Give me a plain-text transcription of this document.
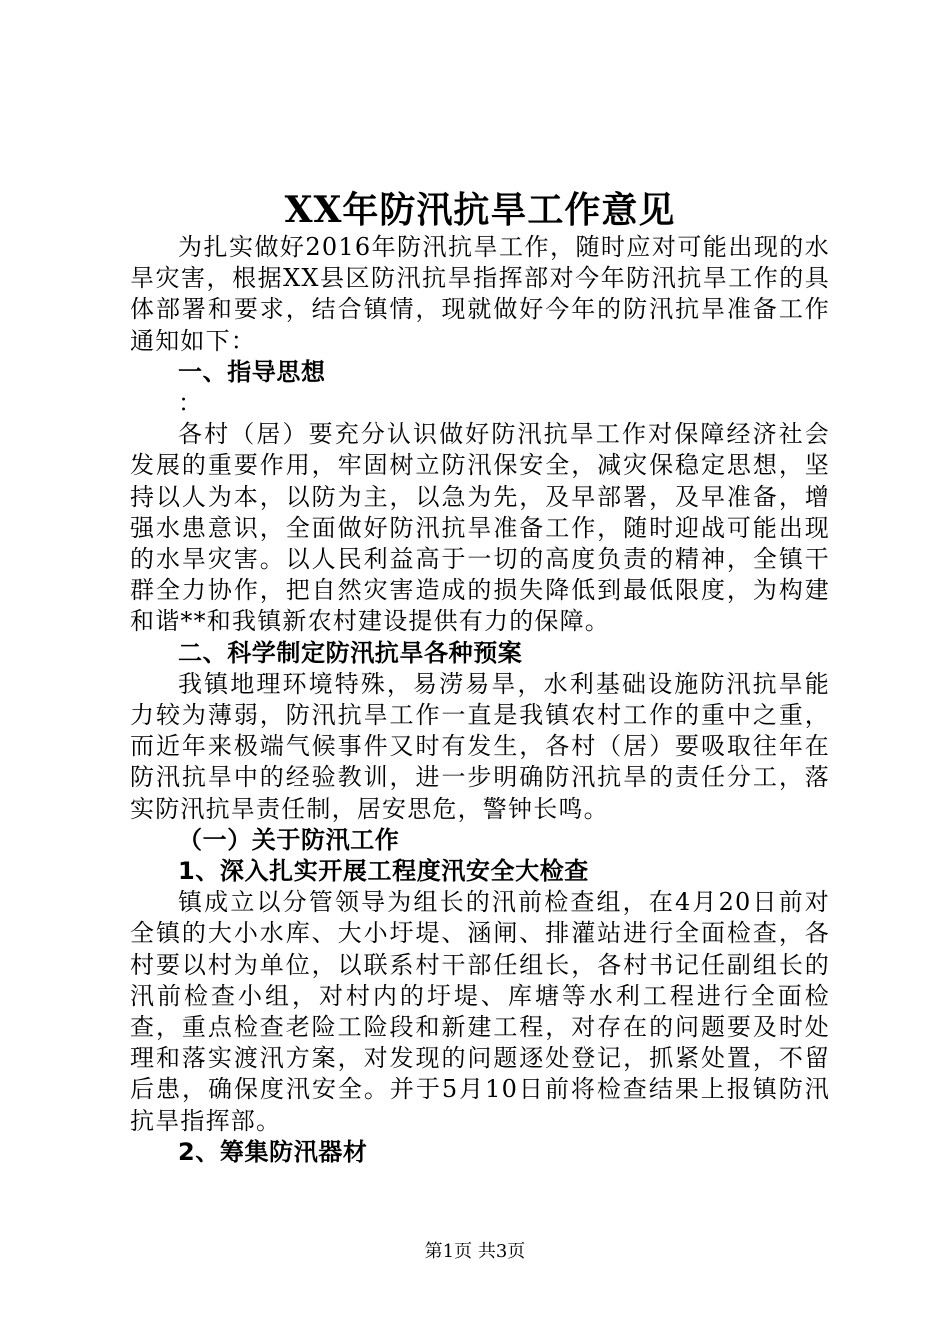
XX年防汛抗旱工作意见

为扎实做好2016年防汛抗旱工作，随时应对可能出现的水旱灾害，根据XX县区防汛抗旱指挥部对今年防汛抗旱工作的具体部署和要求，结合镇情，现就做好今年的防汛抗旱准备工作通知如下：

一、指导思想

：

各村（居）要充分认识做好防汛抗旱工作对保障经济社会发展的重要作用，牢固树立防汛保安全，减灾保稳定思想，坚持以人为本，以防为主，以急为先，及早部署，及早准备，增强水患意识，全面做好防汛抗旱准备工作，随时迎战可能出现的水旱灾害。以人民利益高于一切的高度负责的精神，全镇干群全力协作，把自然灾害造成的损失降低到最低限度，为构建和谐**和我镇新农村建设提供有力的保障。

二、科学制定防汛抗旱各种预案

我镇地理环境特殊，易涝易旱，水利基础设施防汛抗旱能力较为薄弱，防汛抗旱工作一直是我镇农村工作的重中之重，而近年来极端气候事件又时有发生，各村（居）要吸取往年在防汛抗旱中的经验教训，进一步明确防汛抗旱的责任分工，落实防汛抗旱责任制，居安思危，警钟长鸣。

（一）关于防汛工作

1、深入扎实开展工程度汛安全大检查

镇成立以分管领导为组长的汛前检查组，在4月20日前对全镇的大小水库、大小圩堤、涵闸、排灌站进行全面检查，各村要以村为单位，以联系村干部任组长，各村书记任副组长的汛前检查小组，对村内的圩堤、库塘等水利工程进行全面检查，重点检查老险工险段和新建工程，对存在的问题要及时处理和落实渡汛方案，对发现的问题逐处登记，抓紧处置，不留后患，确保度汛安全。并于5月10日前将检查结果上报镇防汛抗旱指挥部。

2、筹集防汛器材

第1页 共3页
